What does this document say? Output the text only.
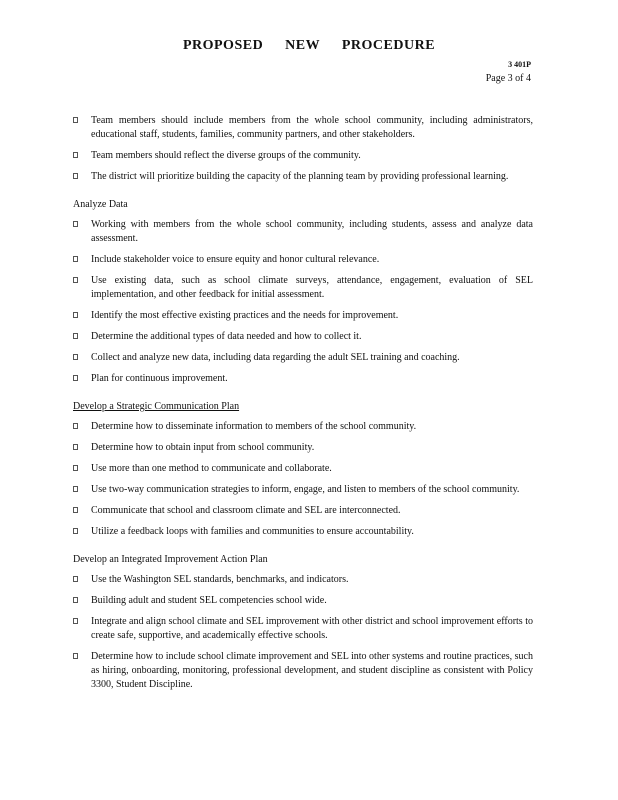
PROPOSED NEW PROCEDURE
3 401P
Page 3 of 4
Team members should include members from the whole school community, including administrators, educational staff, students, families, community partners, and other stakeholders.
Team members should reflect the diverse groups of the community.
The district will prioritize building the capacity of the planning team by providing professional learning.
Analyze Data
Working with members from the whole school community, including students, assess and analyze data assessment.
Include stakeholder voice to ensure equity and honor cultural relevance.
Use existing data, such as school climate surveys, attendance, engagement, evaluation of SEL implementation, and other feedback for initial assessment.
Identify the most effective existing practices and the needs for improvement.
Determine the additional types of data needed and how to collect it.
Collect and analyze new data, including data regarding the adult SEL training and coaching.
Plan for continuous improvement.
Develop a Strategic Communication Plan
Determine how to disseminate information to members of the school community.
Determine how to obtain input from school community.
Use more than one method to communicate and collaborate.
Use two-way communication strategies to inform, engage, and listen to members of the school community.
Communicate that school and classroom climate and SEL are interconnected.
Utilize a feedback loops with families and communities to ensure accountability.
Develop an Integrated Improvement Action Plan
Use the Washington SEL standards, benchmarks, and indicators.
Building adult and student SEL competencies school wide.
Integrate and align school climate and SEL improvement with other district and school improvement efforts to create safe, supportive, and academically effective schools.
Determine how to include school climate improvement and SEL into other systems and routine practices, such as hiring, onboarding, monitoring, professional development, and student discipline as consistent with Policy 3300, Student Discipline.
